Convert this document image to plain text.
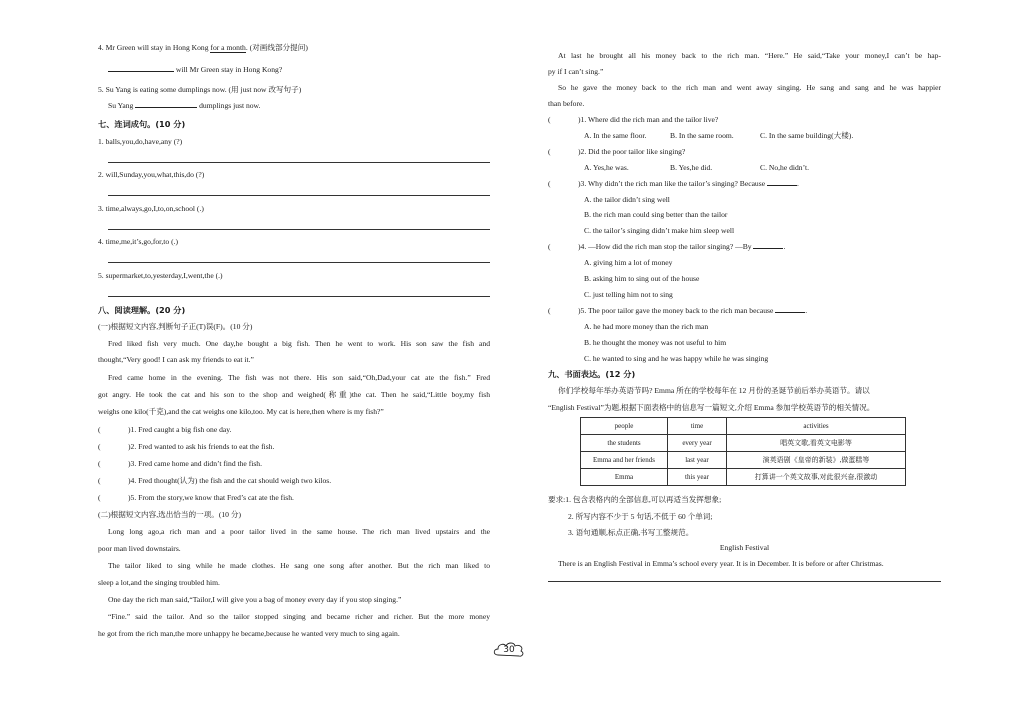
4. Mr Green will stay in Hong Kong for a month. (对画线部分提问)
will Mr Green stay in Hong Kong?
5. Su Yang is eating some dumplings now. (用 just now 改写句子)
Su Yang	dumplings just now.
七、连词成句。(10 分)
1. balls,you,do,have,any (?)
2. will,Sunday,you,what,this,do (?)
3. time,always,go,I,to,on,school (.)
4. time,me,it’s,go,for,to (.)
5. supermarket,to,yesterday,I,went,the (.)
八、阅读理解。(20 分)
(一)根据短文内容,判断句子正(T)误(F)。(10 分)
Fred liked fish very much. One day,he bought a big fish. Then he went to work. His son saw the fish and
thought,“Very good! I can ask my friends to eat it.”
Fred came home in the evening. The fish was not there. His son said,“Oh,Dad,your cat ate the fish.” Fred
got angry. He took the cat and his son to the shop and weighed(称重)the cat. Then he said,“Little boy,my fish
weighs one kilo(千克),and the cat weighs one kilo,too. My cat is here,then where is my fish?”
(	)1. Fred caught a big fish one day.
(	)2. Fred wanted to ask his friends to eat the fish.
(	)3. Fred came home and didn’t find the fish.
(	)4. Fred thought(认为) the fish and the cat should weigh two kilos.
(	)5. From the story,we know that Fred’s cat ate the fish.
(二)根据短文内容,选出恰当的一项。(10 分)
Long long ago,a rich man and a poor tailor lived in the same house. The rich man lived upstairs and the
poor man lived downstairs.
The tailor liked to sing while he made clothes. He sang one song after another. But the rich man liked to
sleep a lot,and the singing troubled him.
One day the rich man said,“Tailor,I will give you a bag of money every day if you stop singing.”
“Fine.” said the tailor. And so the tailor stopped singing and became richer and richer. But the more money
he got from the rich man,the more unhappy he became,because he wanted very much to sing again.
At last he brought all his money back to the rich man. “Here.” He said,“Take your money,I can’t be hap-
py if I can’t sing.”
So he gave the money back to the rich man and went away singing. He sang and sang and he was happier
than before.
(	)1. Where did the rich man and the tailor live?
A. In the same floor.	B. In the same room.	C. In the same building(大楼).
(	)2. Did the poor tailor like singing?
A. Yes,he was.	B. Yes,he did.	C. No,he didn’t.
(	)3. Why didn’t the rich man like the tailor’s singing? Because	.
A. the tailor didn’t sing well
B. the rich man could sing better than the tailor
C. the tailor’s singing didn’t make him sleep well
(	)4. —How did the rich man stop the tailor singing? —By	.
A. giving him a lot of money
B. asking him to sing out of the house
C. just telling him not to sing
(	)5. The poor tailor gave the money back to the rich man because	.
A. he had more money than the rich man
B. he thought the money was not useful to him
C. he wanted to sing and he was happy while he was singing
九、书面表达。(12 分)
你们学校每年举办英语节吗? Emma 所在的学校每年在 12 月份的圣诞节前后举办英语节。请以
“English Festival”为题,根据下面表格中的信息写一篇短文,介绍 Emma 参加学校英语节的相关情况。
people	time	activities
the students	every year	唱英文歌,看英文电影等
Emma and her friends	last year	演英语剧《皇帝的新装》,做蛋糕等
Emma	this year	打算讲一个英文故事,对此很兴奋,很激动
要求:1. 包含表格内的全部信息,可以再适当发挥想象;
2. 所写内容不少于 5 句话,不低于 60 个单词;
3. 语句通顺,标点正确,书写工整规范。
English Festival
There is an English Festival in Emma’s school every year. It is in December. It is before or after Christmas.
30
